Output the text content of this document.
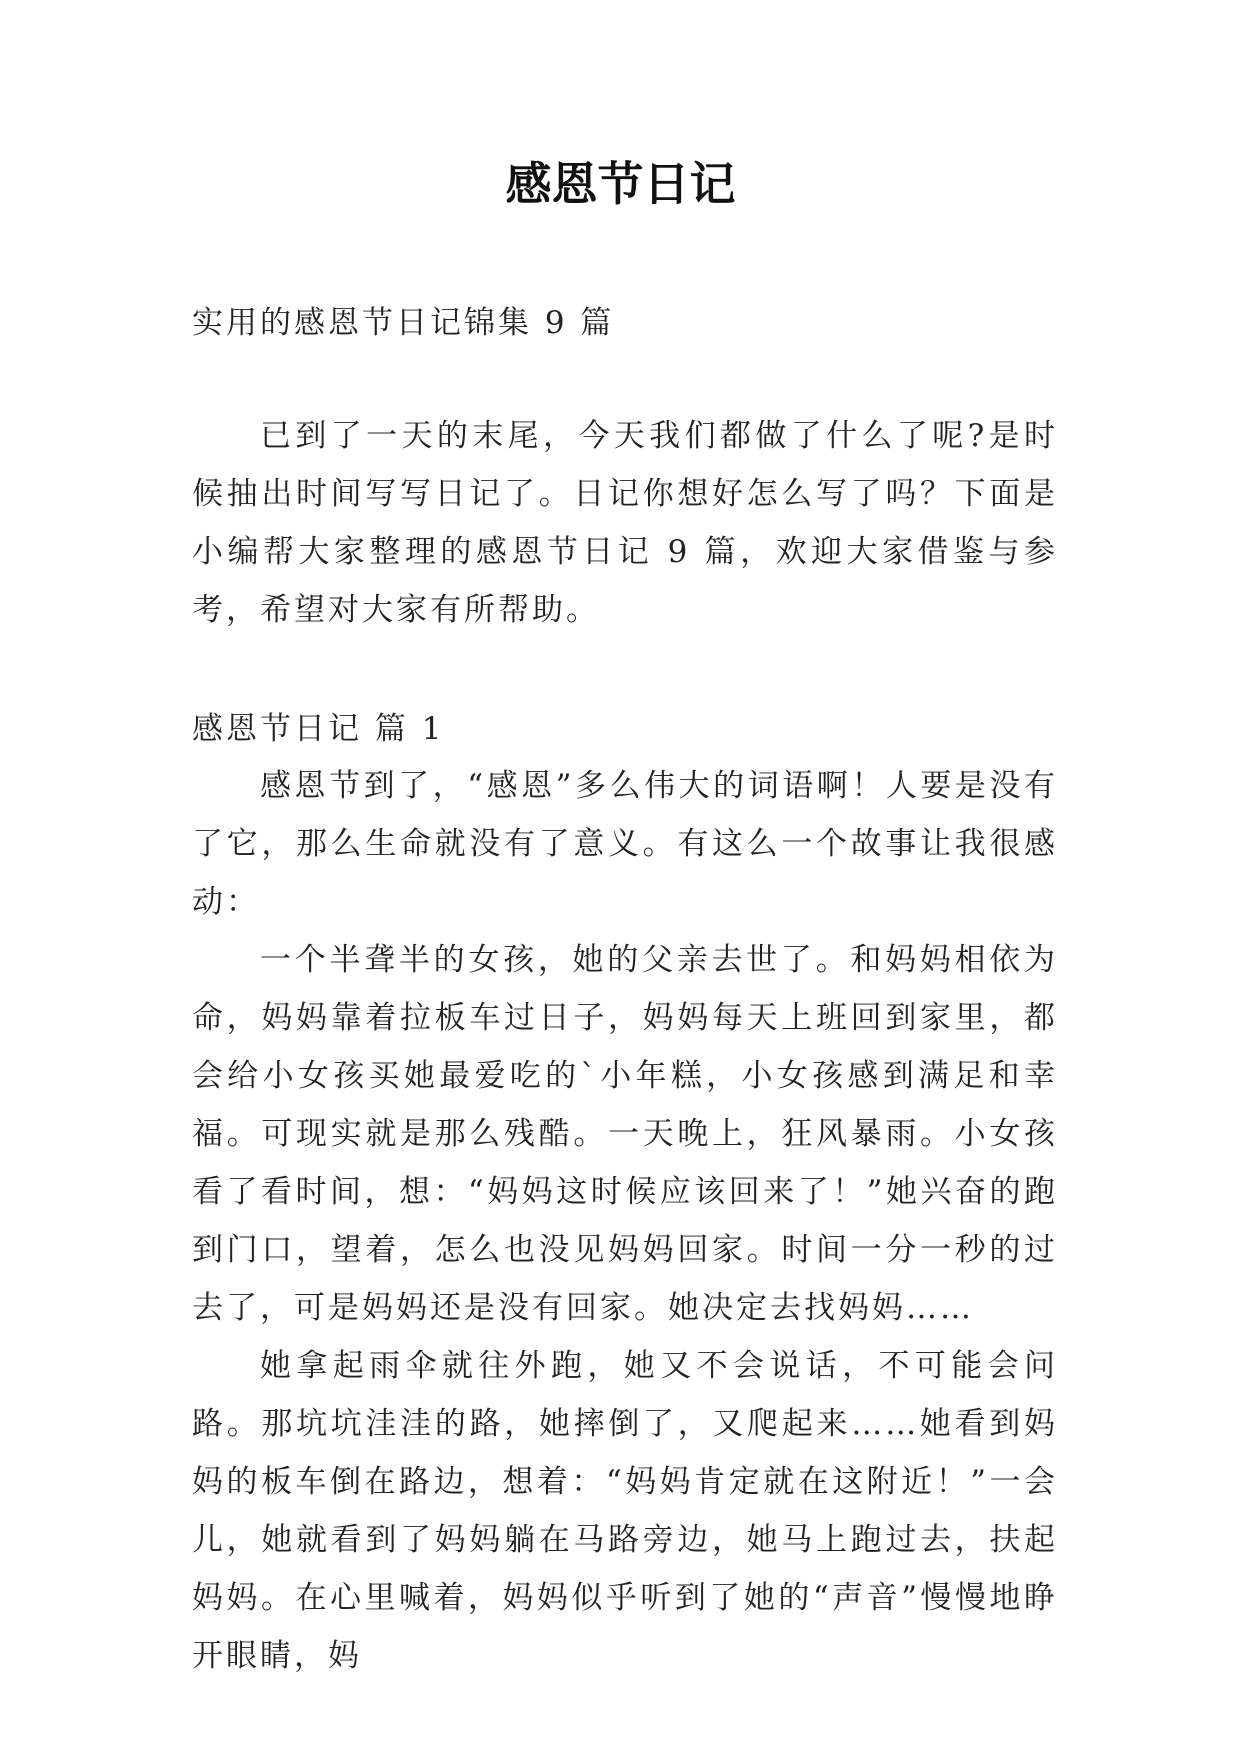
感恩节日记
实用的感恩节日记锦集 9 篇
已到了一天的末尾，今天我们都做了什么了呢?是时候抽出时间写写日记了。日记你想好怎么写了吗？下面是小编帮大家整理的感恩节日记 9 篇，欢迎大家借鉴与参考，希望对大家有所帮助。
感恩节日记 篇 1

感恩节到了，“感恩”多么伟大的词语啊！人要是没有了它，那么生命就没有了意义。有这么一个故事让我很感动：

一个半聋半的女孩，她的父亲去世了。和妈妈相依为命，妈妈靠着拉板车过日子，妈妈每天上班回到家里，都会给小女孩买她最爱吃的`小年糕，小女孩感到满足和幸福。可现实就是那么残酷。一天晚上，狂风暴雨。小女孩看了看时间，想：“妈妈这时候应该回来了！”她兴奋的跑到门口，望着，怎么也没见妈妈回家。时间一分一秒的过去了，可是妈妈还是没有回家。她决定去找妈妈……

她拿起雨伞就往外跑，她又不会说话，不可能会问路。那坑坑洼洼的路，她摔倒了，又爬起来……她看到妈妈的板车倒在路边，想着：“妈妈肯定就在这附近！”一会儿，她就看到了妈妈躺在马路旁边，她马上跑过去，扶起妈妈。在心里喊着，妈妈似乎听到了她的“声音”慢慢地睁开眼睛，妈
